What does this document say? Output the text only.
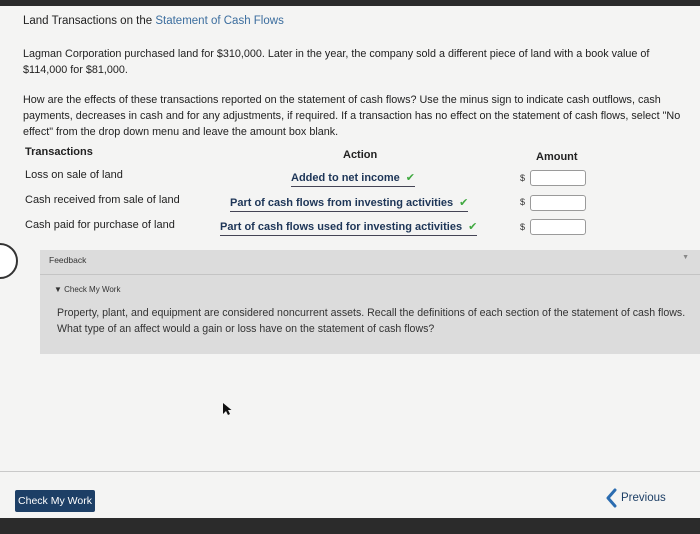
Land Transactions on the Statement of Cash Flows
Lagman Corporation purchased land for $310,000. Later in the year, the company sold a different piece of land with a book value of $114,000 for $81,000.
How are the effects of these transactions reported on the statement of cash flows? Use the minus sign to indicate cash outflows, cash payments, decreases in cash and for any adjustments, if required. If a transaction has no effect on the statement of cash flows, select "No effect" from the drop down menu and leave the amount box blank.
Transactions	Action	Amount
Loss on sale of land	Added to net income ✔	$
Cash received from sale of land	Part of cash flows from investing activities ✔	$
Cash paid for purchase of land	Part of cash flows used for investing activities ✔	$
Feedback	▼
▼ Check My Work
Property, plant, and equipment are considered noncurrent assets. Recall the definitions of each section of the statement of cash flows. What type of an affect would a gain or loss have on the statement of cash flows?
Check My Work	Previous
